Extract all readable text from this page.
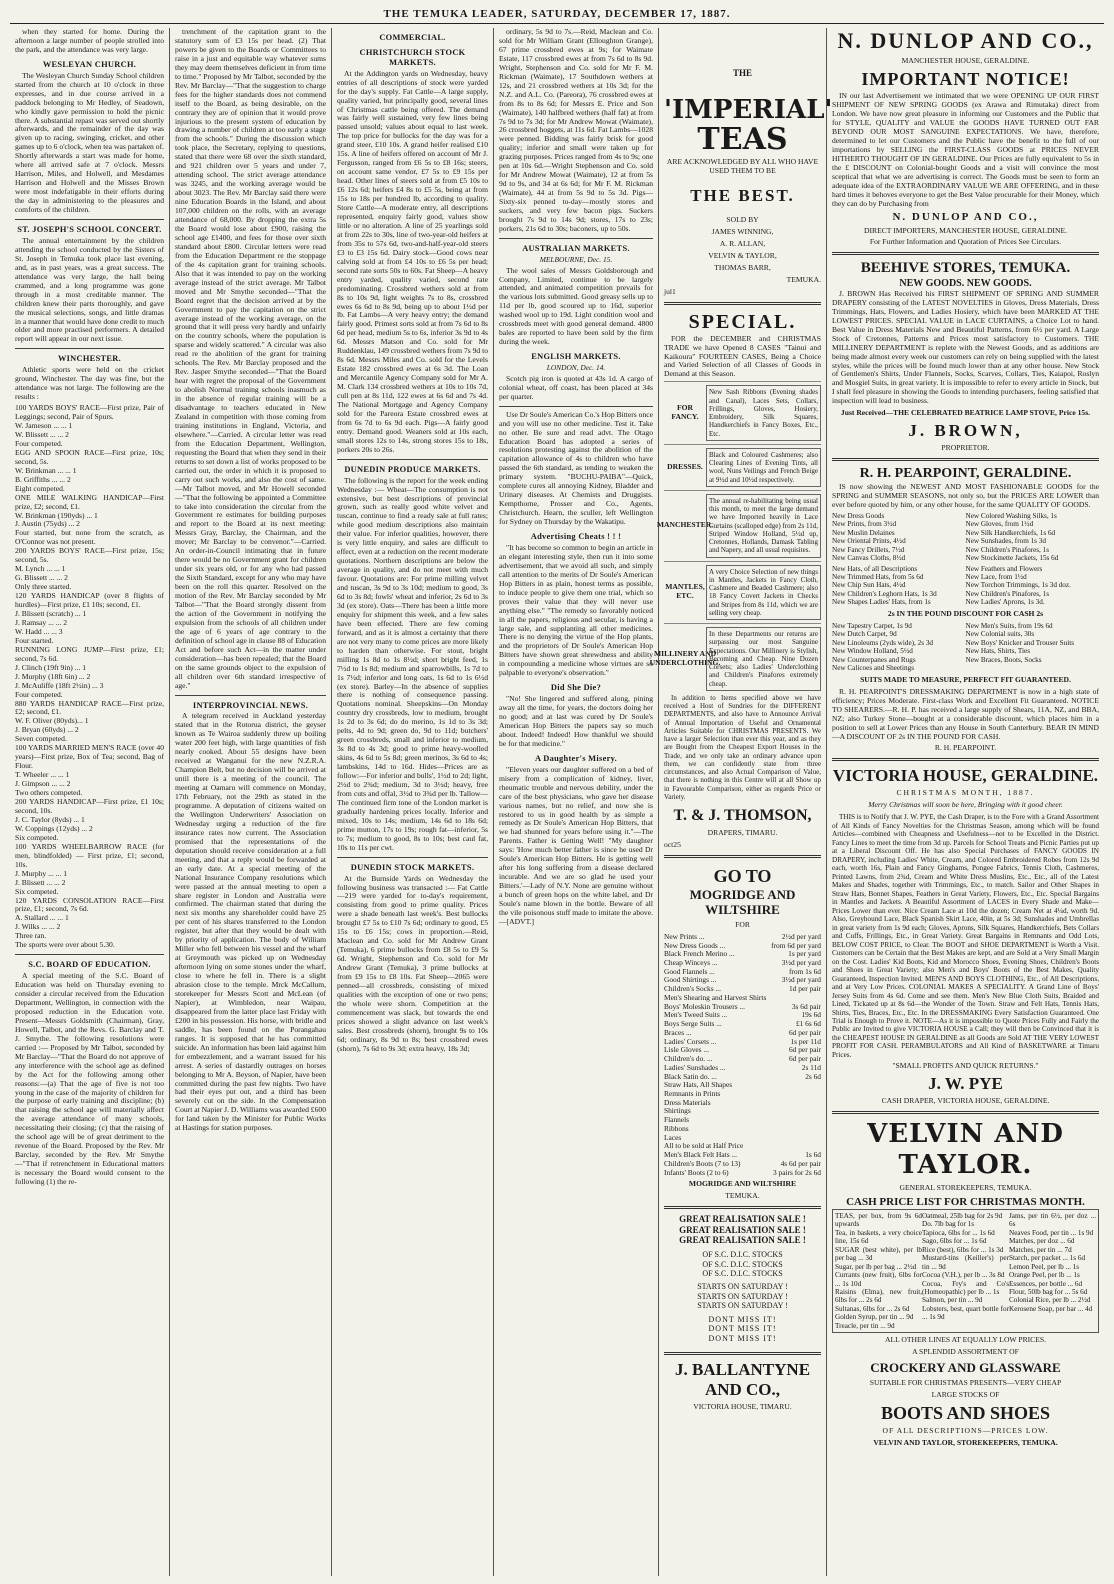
THE TEMUKA LEADER, SATURDAY, DECEMBER 17, 1887.

when they started for home. During the afternoon a large number of people strolled into the park, and the attendance was very large.

WESLEYAN CHURCH.

The Wesleyan Church Sunday School children started from the church at 10 o'clock in three expresses, and in due course arrived in a paddock belonging to Mr Hedley, of Seadown, who kindly gave permission to hold the picnic there. A substantial repast was served out shortly afterwards, and the remainder of the day was given up to racing, swinging, cricket, and other games up to 6 o'clock, when tea was partaken of. Shortly afterwards a start was made for home, where all arrived safe at 7 o'clock. Messrs Harrison, Miles, and Holwell, and Mesdames Harrison and Holwell and the Misses Brown were most indefatigable in their efforts during the day in administering to the pleasures and comforts of the children.

ST. JOSEPH'S SCHOOL CONCERT.

The annual entertainment by the children attending the school conducted by the Sisters of St. Joseph in Temuka took place last evening, and, as in past years, was a great success. The attendance was very large, the hall being crammed, and a long programme was gone through in a most creditable manner. The children knew their parts thoroughly, and gave the musical selections, songs, and little dramas in a manner that would have done credit to much older and more practised performers. A detailed report will appear in our next issue.

WINCHESTER.

Athletic sports were held on the cricket ground, Winchester. The day was fine, but the attendance was not large. The following are the results :

100 YARDS BOYS' RACE—First prize, Pair of Leggings; second, Pair of Spurs.
W. Jameson ... ... 1
W. Blissett ... ... 2
Four competed.
EGG AND SPOON RACE—First prize, 10s; second, 5s.
W. Brinkman ... ... 1
B. Griffiths ... ... 2
Eight competed.
ONE MILE WALKING HANDICAP—First prize, £2; second, £1.
W. Brinkman (190yds) ... 1
J. Austin (75yds) ... 2
Four started, but none from the scratch, as O'Connor was not present.
200 YARDS BOYS' RACE—First prize, 15s; second, 5s.
M. Lynch ... ... 1
G. Blissett ... ... 2
Only three started.
120 YARDS HANDICAP (over 8 flights of hurdles)—First prize, £1 10s; second, £1.
J. Blissett (scratch) ... 1
J. Ramsay ... ... 2
W. Hadd ... ... 3
Four started.
RUNNING LONG JUMP—First prize, £1; second, 7s 6d.
J. Clinch (19ft 9in) ... 1
J. Murphy (18ft 6in) ... 2
J. McAuliffe (18ft 2½in) ... 3
Four competed.
880 YARDS HANDICAP RACE—First prize, £2; second, £1.
W. F. Oliver (80yds)... 1
J. Bryan (60yds) ... 2
Seven competed.
100 YARDS MARRIED MEN'S RACE (over 40 years)—First prize, Box of Tea; second, Bag of Flour.
T. Wheeler ... ... 1
J. Gimpson ... ... 2
Two others competed.
200 YARDS HANDICAP—First prize, £1 10s; second, 10s.
J. C. Taylor (8yds) ... 1
W. Coppings (12yds) ... 2
Six competed.
100 YARDS WHEELBARROW RACE (for men, blindfolded) — First prize, £1; second, 10s.
J. Murphy ... ... 1
J. Blissett ... ... 2
Six competed.
120 YARDS CONSOLATION RACE—First prize, £1; second, 7s 6d.
A. Stallard ... ... 1
J. Wilks ... ... 2
Three ran.
The sports were over about 5.30.
S.C. BOARD OF EDUCATION.

A special meeting of the S.C. Board of Education was held on Thursday evening to consider a circular received from the Education Department, Wellington, in connection with the proposed reduction in the Education vote. Present—Messrs Goldsmith (Chairman), Gray, Howell, Talbot, and the Revs. G. Barclay and T. J. Smythe. The following resolutions were carried :— Proposed by Mr Talbot, seconded by Mr Barclay—"That the Board do not approve of any interference with the school age as defined by the Act for the following among other reasons:—(a) That the age of five is not too young in the case of the majority of children for the purpose of early training and discipline; (b) that raising the school age will materially affect the average attendance of many schools, necessitating their closing; (c) that the raising of the school age will be of great detriment to the revenue of the Board. Proposed by the Rev. Mr Barclay, seconded by the Rev. Mr Smythe—"That if retrenchment in Educational matters is necessary the Board would consent to the following (1) the re-

trenchment of the capitation grant to the statutory sum of £3 15s per head. (2) That powers be given to the Boards or Committees to raise in a just and equitable way whatever sums they may deem themselves deficient in from time to time." Proposed by Mr Talbot, seconded by the Rev. Mr Barclay—"That the suggestion to charge fees for the higher standards does not commend itself to the Board, as being desirable, on the contrary they are of opinion that it would prove injurious to the present system of education by drawing a number of children at too early a stage from the schools." During the discussion which took place, the Secretary, replying to questions, stated that there were 68 over the sixth standard, and 921 children over 5 years and under 7, attending school. The strict average attendance was 3245, and the working average would be about 3023. The Rev. Mr Barclay said there were nine Education Boards in the Island, and about 107,000 children on the rolls, with an average attendance of 68,000. By dropping the extra 5s the Board would lose about £900, raising the school age £1400, and fees for those over sixth standard about £800. Circular letters were read from the Education Department re the stoppage of the 4s capitation grant for training schools. Also that it was intended to pay on the working average instead of the strict average. Mr Talbot moved and Mr Smythe seconded—"That the Board regret that the decision arrived at by the Government to pay the capitation on the strict average instead of the working average, on the ground that it will press very hardly and unfairly on the country schools, where the population is sparse and widely scattered." A circular was also read re the abolition of the grant for training schools. The Rev. Mr Barclay proposed and the Rev. Jasper Smythe seconded—"That the Board hear with regret the proposal of the Government to abolish Normal training schools inasmuch as in the absence of regular training will be a disadvantage to teachers educated in New Zealand in competition with those coming from training institutions in England, Victoria, and elsewhere."—Carried. A circular letter was read from the Education Department, Wellington, requesting the Board that when they send in their returns to set down a list of works proposed to be carried out, the order in which it is proposed to carry out such works, and also the cost of same.—Mr Talbot moved, and Mr Howell seconded—"That the following be appointed a Committee to take into consideration the circular from the Government re estimates for building purposes and report to the Board at its next meeting: Messrs Gray, Barclay, the Chairman, and the mover; Mr Barclay to be convenor."—Carried. An order-in-Council intimating that in future there would be no Government grant for children under six years old, or for any who had passed the Sixth Standard, except for any who may have been on the roll this quarter. Resolved on the motion of the Rev. Mr Barclay seconded by Mr Talbot—"That the Board strongly dissent from the action of the Government in notifying the expulsion from the schools of all children under the age of 6 years of age contrary to the definition of school age in clause 88 of Education Act and before such Act—in the matter under consideration—has been repealed; that the Board on the same grounds object to the expulsion of all children over 6th standard irrespective of age."

INTERPROVINCIAL NEWS.

A telegram received in Auckland yesterday stated that in the Rotorua district, the geyser known as Te Wairoa suddenly threw up boiling water 200 feet high, with large quantities of fish nearly cooked. About 55 designs have been received at Wanganui for the new N.Z.R.A. Champion Belt, but no decision will be arrived at until there is a meeting of the council. The meeting at Oamaru will commence on Monday, 17th February, not the 29th as stated in the programme. A deputation of citizens waited on the Wellington Underwriters' Association on Wednesday urging a reduction of the fire insurance rates now current. The Association promised that the representations of the deputation should receive consideration at a full meeting, and that a reply would be forwarded at an early date. At a special meeting of the National Insurance Company resolutions which were passed at the annual meeting to open a share register in London and Australia were confirmed. The chairman stated that during the next six months any shareholder could have 25 per cent of his shares transferred to the London register, but after that they would be dealt with by priority of application. The body of William Miller who fell between his vessel and the wharf at Greymouth was picked up on Wednesday afternoon lying on some stones under the wharf, close to where he fell in. There is a slight abrasion close to the temple. Mrck McCallum, storekeeper for Messrs Scott and McLean (of Napier), at Wimbledon, near Waipau, disappeared from the latter place last Friday with £200 in his possession. His horse, with bridle and saddle, has been found on the Porangahau ranges. It is supposed that he has committed suicide. An information has been laid against him for embezzlement, and a warrant issued for his arrest. A series of dastardly outrages on horses belonging to Mr A. Beyson, of Napier, have been committed during the past few nights. Two have had their eyes put out, and a third has been severely cut on the side. In the Compensation Court at Napier J. D. Williams was awarded £600 for land taken by the Minister for Public Works at Hastings for station purposes.

COMMERCIAL.
CHRISTCHURCH STOCK MARKETS.

At the Addington yards on Wednesday, heavy entries of all descriptions of stock were yarded for the day's supply. Fat Cattle—A large supply, quality varied, but principally good, several lines of Christmas cattle being offered. The demand was fairly well sustained, very few lines being passed unsold; values about equal to last week. The top price for bullocks for the day was for a grand steer, £10 10s. A grand heifer realised £10 15s. A line of heifers offered on account of Mr J. Fergusson, ranged from £6 5s to £8 16s; steers, on account same vendor, £7 5s to £9 15s per head. Other lines of steers sold at from £5 10s to £6 12s 6d; heifers £4 8s to £5 5s, being at from 15s to 18s per hundred lb, according to quality. Store Cattle—A moderate entry, all descriptions represented, enquiry fairly good, values show little or no alteration. A line of 25 yearlings sold at from 22s to 30s, line of two-year-old heifers at from 35s to 57s 6d, two-and-half-year-old steers £3 to £3 15s 6d. Dairy stock—Good cows near calving sold at from £4 10s to £6 5s per head; second rate sorts 50s to 60s. Fat Sheep—A heavy entry yarded, quality varied, second rate predominating. Crossbred wethers sold at from 8s to 10s 9d, light weights 7s to 8s, crossbred ewes 6s 6d to 8s 9d, being up to about 1½d per lb. Fat Lambs—A very heavy entry; the demand fairly good. Primest sorts sold at from 7s 6d to 8s 6d per head, medium 5s to 6s, inferior 3s 9d to 4s 6d. Messrs Matson and Co. sold for Mr Ruddenklau, 149 crossbred wethers from 7s 9d to 8s 6d. Messrs Miles and Co. sold for the Levels Estate 182 crossbred ewes at 6s 3d. The Loan and Mercantile Agency Company sold for Mr A. M. Clark 134 crossbred wethers at 10s to 10s 7d, cull pen at 8s 11d, 122 ewes at 6s 6d and 7s 4d. The National Mortgage and Agency Company sold for the Pareora Estate crossbred ewes at from 6s 7d to 6s 9d each. Pigs—A fairly good entry. Demand good. Weaners sold at 10s each, small stores 12s to 14s, strong stores 15s to 18s, porkers 20s to 26s.

DUNEDIN PRODUCE MARKETS.

The following is the report for the week ending Wednesday :— Wheat—The consumption is not extensive, but best descriptions of provincial grown, such as really good white velvet and tuscan, continue to find a ready sale at full rates; while good medium descriptions also maintain their value. For inferior qualities, however, there is very little enquiry, and sales are difficult to effect, even at a reduction on the recent moderate quotations. Northern descriptions are below the average in quality, and do not meet with much favour. Quotations are: For prime milling velvet and tuscan, 3s 9d to 3s 10d; medium to good, 3s 6d to 3s 8d; fowls' wheat and inferior, 2s 6d to 3s 3d (ex store). Oats—There has been a little more enquiry for shipment this week, and a few sales have been effected. There are few coming forward, and as it is almost a certainty that there are not very many to come prices are more likely to harden than otherwise. For stout, bright milling 1s 8d to 1s 8½d; short bright feed, 1s 7½d to 1s 8d; medium and sparrowbills, 1s 7d to 1s 7½d; inferior and long oats, 1s 6d to 1s 6½d (ex store). Barley—In the absence of supplies there is nothing of consequence passing. Quotations nominal. Sheepskins—On Monday country dry crossbreds, low to medium, brought 1s 2d to 3s 6d; do do merino, 1s 1d to 3s 3d; pelts, 4d to 9d; green do, 9d to 11d; butchers' green crossbreds, small and inferior to medium, 3s 8d to 4s 3d; good to prime heavy-woolled skins, 4s 6d to 5s 8d; green merinos, 3s 6d to 4s; lambskins, 14d to 16d. Hides—Prices are as follow:—For inferior and bulls', 1½d to 2d; light, 2½d to 2¾d; medium, 3d to 3½d; heavy, free from cuts and offal, 3½d to 3¾d per lb. Tallow—The continued firm tone of the London market is gradually hardening prices locally. Inferior and mixed, 10s to 14s; medium, 14s 6d to 18s 6d; prime mutton, 17s to 19s; rough fat—inferior, 5s to 7s; medium to good, 8s to 10s; best caul fat, 10s to 11s per cwt.

DUNEDIN STOCK MARKETS.

At the Burnside Yards on Wednesday the following business was transacted :— Fat Cattle—219 were yarded for to-day's requirement, consisting from good to prime quality. Prices were a shade beneath last week's. Best bullocks brought £7 5s to £10 7s 6d; ordinary to good, £5 15s to £6 15s; cows in proportion.—Reid, Maclean and Co. sold for Mr Andrew Grant (Temuka), 6 prime bullocks from £8 5s to £9 5s 6d. Wright, Stephenson and Co. sold for Mr Andrew Grant (Temuka), 3 prime bullocks at from £9 15s to £8 10s. Fat Sheep—2065 were penned—all crossbreds, consisting of mixed qualities with the exception of one or two pens; the whole were shorn. Competition at the commencement was slack, but towards the end prices showed a slight advance on last week's sales. Best crossbreds (shorn), brought 9s to 10s 6d; ordinary, 8s 9d to 8s; best crossbred ewes (shorn), 7s 6d to 9s 3d; extra heavy, 18s 3d;

ordinary, 5s 9d to 7s.—Reid, Maclean and Co. sold for Mr William Grant (Elloughton Grange), 67 prime crossbred ewes at 9s; for Waimate Estate, 117 crossbred ewes at from 7s 6d to 8s 9d. Wright, Stephenson and Co. sold for Mr F. M. Rickman (Waimate), 17 Southdown wethers at 12s, and 21 crossbred wethers at 10s 3d; for the N.Z. and A.L. Co. (Pareora), 76 crossbred ewes at from 8s to 8s 6d; for Messrs E. Price and Son (Waimate), 140 halfbred wethers (half fat) at from 7s 9d to 7s 3d; for Mr Andrew Mowat (Waimate), 26 crossbred hoggets, at 11s 6d. Fat Lambs—1028 were penned. Bidding was fairly brisk for good quality; inferior and small were taken up for grazing purposes. Prices ranged from 4s to 9s; one pen at 10s 6d.—Wright Stephenson and Co. sold for Mr Andrew Mowat (Waimate), 12 at from 5s 9d to 9s, and 34 at 6s 6d; for Mr F. M. Rickman (Waimate), 44 at from 5s 9d to 5s 3d. Pigs—Sixty-six penned to-day—mostly stores and suckers, and very few bacon pigs. Suckers brought 7s 9d to 14s 9d; stores, 17s to 23s; porkers, 21s 6d to 30s; baconers, up to 50s.

AUSTRALIAN MARKETS.
MELBOURNE, Dec. 15.

The wool sales of Messrs Goldsborough and Company, Limited, continue to be largely attended, and animated competition prevails for the various lots submitted. Good greasy sells up to 11d per lb, good scoured up to 16d, superior washed wool up to 19d. Light condition wool and crossbreds meet with good general demand. 4800 bales are reported to have been sold by the firm during the week.

ENGLISH MARKETS.
LONDON, Dec. 14.

Scotch pig iron is quoted at 43s 1d. A cargo of colonial wheat, off coast, has been placed at 34s per quarter.

Use Dr Soule's American Co.'s Hop Bitters once and you will use no other medicine. Test it. Take no other. Be sure and read advt. The Otago Education Board has adopted a series of resolutions protesting against the abolition of the capitation allowance of 4s to children who have passed the 6th standard, as tending to weaken the primary system. "BUCHU-PAIBA"—Quick, complete cures all annoying Kidney, Bladder and Urinary diseases. At Chemists and Druggists. Kempthorne, Prosser and Co., Agents, Christchurch. Hearn, the sculler, left Wellington for Sydney on Thursday by the Wakatipu.

Advertising Cheats ! ! !

"It has become so common to begin an article in an elegant interesting style, then run it into some advertisement, that we avoid all such, and simply call attention to the merits of Dr Soule's American Hop Bitters in as plain, honest terms as possible, to induce people to give them one trial, which so proves their value that they will never use anything else." "The remedy so favorably noticed in all the papers, religious and secular, is having a large sale, and supplanting all other medicines. There is no denying the virtue of the Hop plants, and the proprietors of Dr Soule's American Hop Bitters have shown great shrewdness and ability in compounding a medicine whose virtues are so palpable to everyone's observation."

Did She Die?

"No! She lingered and suffered along, pining away all the time, for years, the doctors doing her no good; and at last was cured by Dr Soule's American Hop Bitters the papers say so much about. Indeed! Indeed! How thankful we should be for that medicine."

A Daughter's Misery.

"Eleven years our daughter suffered on a bed of misery from a complication of kidney, liver, rheumatic trouble and nervous debility, under the care of the best physicians, who gave her disease various names, but no relief, and now she is restored to us in good health by as simple a remedy as Dr Soule's American Hop Bitters, that we had shunned for years before using it."—The Parents. Father is Getting Well! "My daughter says: 'How much better father is since he used Dr Soule's American Hop Bitters. He is getting well after his long suffering from a disease declared incurable. And we are so glad he used your Bitters.'—Lady of N.Y. None are genuine without a bunch of green hops on the white label, and Dr Soule's name blown in the bottle. Beware of all the vile poisonous stuff made to imitate the above.—[ADVT.]

THE
'IMPERIAL'
TEAS
ARE ACKNOWLEDGED BY ALL WHO HAVE USED THEM TO BE
THE BEST.
SOLD BY
JAMES WINNING,
A. R. ALLAN,
VELVIN & TAYLOR,
THOMAS BARR,
TEMUKA.
jul1
SPECIAL.

FOR the DECEMBER and CHRISTMAS TRADE we have Opened 8 CASES "Tainui and Kaikoura" FOURTEEN CASES, Being a Choice and Varied Selection of all Classes of Goods in Demand at this Season.

FOR FANCY.
New Sash Ribbons (Evening shades and Canal), Laces Sets, Collars, Frillings, Gloves, Hosiery, Embroidery, Silk Squares, Handkerchiefs in Fancy Boxes, Etc., Etc.
DRESSES.
Black and Coloured Cashmeres; also Clearing Lines of Evening Tints, all wool, Nuns Veilings and French Beige at 9½d and 10½d respectively.
MANCHESTER.
The annual re-habilitating being usual this month, to meet the large demand we have Imported heavily in Lace Curtains (scalloped edge) from 2s 11d, Striped Window Holland, 5½d up, Cretonnes, Hollands, Damask Tabling and Napery, and all usual requisites.
MANTLES, ETC.
A very Choice Selection of new things in Mantles, Jackets in Fancy Cloth, Cashmere and Beaded Cashmere; also 18 Fancy Covert Jackets in Checks and Stripes from 8s 11d, which we are selling very cheap.
MILLINERY AND UNDERCLOTHING.
In these Departments our returns are surpassing our most Sanguine Expectations. Our Millinery is Stylish, Becoming and Cheap. Nine Dozen Corsets; also Ladies' Underclothing and Children's Pinafores extremely cheap.

In addition to Items specified above we have received a Host of Sundries for the DIFFERENT DEPARTMENTS, and also have to Announce Arrival of Annual Importation of Useful and Ornamental Articles Suitable for CHRISTMAS PRESENTS. We have a larger Selection than ever this year, and as they are Bought from the Cheapest Export Houses in the Trade, and we only take an ordinary advance upon them, we can confidently state from three circumstances, and also Actual Comparison of Value, that there is nothing in this Centre will at all Show up in Favourable Comparison, either as regards Price or Variety.

T. & J. THOMSON,
DRAPERS, TIMARU.
oct25
GO TO
MOGRIDGE AND WILTSHIRE
FOR
New Prints ...	2½d per yard
New Dress Goods ...	from 6d per yard
Black French Merino ...	1s per yard
Cheap Winceys ...	3½d per yard
Good Flannels ...	from 1s 6d
Good Shirtings ...	3½d per yard
Children's Socks ...	1d per pair
Men's Shearing and Harvest Shirts
Boys' Moleskin Trousers ...	3s 6d pair
Men's Tweed Suits ...	19s 6d
Boys Serge Suits ...	£1 6s 6d
Braces ...	6d per pair
Ladies' Corsets ...	1s per 11d
Lisle Gloves ...	6d per pair
Children's do. ...	6d per pair
Ladies' Sunshades ...	2s 11d
Black Satin do. ...	2s 6d
Straw Hats, All Shapes
Remnants in Prints
Dress Materials
Shirtings
Flannels
Ribbons
Laces
All to be sold at Half Price
Men's Black Felt Hats ...	1s 6d
Children's Boots (7 to 13)	4s 6d per pair
Infants' Boots (2 to 6)	3 pairs for 2s 6d
MOGRIDGE AND WILTSHIRE
TEMUKA.
GREAT REALISATION SALE !
GREAT REALISATION SALE !
GREAT REALISATION SALE !
OF S.C. D.I.C. STOCKS
OF S.C. D.I.C. STOCKS
OF S.C. D.I.C. STOCKS
STARTS ON SATURDAY !
STARTS ON SATURDAY !
STARTS ON SATURDAY !
DONT MISS IT!
DONT MISS IT!
DONT MISS IT!
J. BALLANTYNE AND CO.,
VICTORIA HOUSE, TIMARU.
N. DUNLOP AND CO.,
MANCHESTER HOUSE, GERALDINE.
IMPORTANT NOTICE!

IN our last Advertisement we intimated that we were OPENING UP OUR FIRST SHIPMENT OF NEW SPRING GOODS (ex Arawa and Rimutaka) direct from London. We have now great pleasure in informing our Customers and the Public that for STYLE, QUALITY and VALUE the GOODS HAVE TURNED OUT FAR BEYOND OUR MOST SANGUINE EXPECTATIONS. We have, therefore, determined to let our Customers and the Public have the benefit to the full of our importations by SELLING the FIRST-CLASS GOODS at PRICES NEVER HITHERTO THOUGHT OF IN GERALDINE. Our Prices are fully equivalent to 5s in the £ DISCOUNT on Colonial-bought Goods and a visit will convince the most sceptical that what we are advertising is correct. The Goods must be seen to form an adequate idea of the EXTRAORDINARY VALUE WE ARE OFFERING, and in these hard times it behoves everyone to get the Best Value procurable for their Money, which they can do by Purchasing from

N. DUNLOP AND CO.,
DIRECT IMPORTERS, MANCHESTER HOUSE, GERALDINE.
For Further Information and Quotation of Prices See Circulars.
BEEHIVE STORES, TEMUKA.
NEW GOODS. NEW GOODS.

J. BROWN Has Received his FIRST SHIPMENT OF SPRING AND SUMMER DRAPERY consisting of the LATEST NOVELTIES in Gloves, Dress Materials, Dress Trimmings, Hats, Flowers, and Ladies Hosiery, which have been MARKED AT THE LOWEST PRICES. SPECIAL VALUE in LACE CURTAINS, a Choice Lot to hand. Best Value in Dress Materials New and Beautiful Patterns, from 6½ per yard. A Large Stock of Cretonnes, Patterns and Prices most satisfactory to Customers. THE MILLINERY DEPARTMENT is replete with the Newest Goods, and as additions are being made almost every week our customers can rely on being supplied with the latest styles, while the prices will be found much lower than at any other house. New Stock of Gentlemen's Shirts, Under Flannels, Socks, Scarves, Collars, Ties, Kaiapoi, Roslyn and Mosgiel Suits, in great variety. It is impossible to refer to every article in Stock, but I shall feel pleasure in showing the Goods to intending purchasers, feeling satisfied that inspection will lead to business.

Just Received—THE CELEBRATED BEATRICE LAMP STOVE, Price 15s.
J. BROWN,
PROPRIETOR.
R. H. PEARPOINT, GERALDINE.

IS now showing the NEWEST AND MOST FASHIONABLE GOODS for the SPRING and SUMMER SEASONS, not only so, but the PRICES ARE LOWER than ever before quoted by him, or any other house, for the same QUALITY OF GOODS.

New Dress Goods
New Prints, from 3½d
New Muslin Delaines
New Oriental Prints, 4½d
New Fancy Drillets, 7½d
New Canvas Cloths, 8½d
New Colored Washing Silks, 1s
New Gloves, from 1½d
New Silk Handkerchiefs, 1s 6d
New Sunshades, from 1s 3d
New Children's Pinafores, 1s
New Stockinette Jackets, 15s 6d
New Hats, of all Descriptions
New Trimmed Hats, from 5s 6d
New Chip Sun Hats, 4½d
New Children's Leghorn Hats, 1s 3d
New Shapes Ladies' Hats, from 1s
New Feathers and Flowers
New Lace, from 1½d
New Torchon Trimmings, 1s 3d doz.
New Children's Pinafores, 1s
New Ladies' Aprons, 1s 3d.
2s IN THE POUND DISCOUNT FOR CASH 2s
New Tapestry Carpet, 1s 9d
New Dutch Carpet, 9d
New Linoleums (2yds wide), 2s 3d
New Window Holland, 5½d
New Counterpanes and Rugs
New Calicoes and Sheetings
New Men's Suits, from 19s 6d
New Colonial suits, 30s
New Boys' Knicker and Trouser Suits
New Hats, Shirts, Ties
New Braces, Boots, Socks
SUITS MADE TO MEASURE, PERFECT FIT GUARANTEED.

R. H. PEARPOINT'S DRESSMAKING DEPARTMENT is now in a high state of efficiency; Prices Moderate. First-class Work and Excellent Fit Guaranteed. NOTICE TO SHEARERS.—R. H. P. has received a large supply of Shears, 11A, NZ, and BBA, NZ; also Turkey Stone—bought at a considerable discount, which places him in a position to sell at Lower Prices than any House in South Canterbury. BEAR IN MIND—A DISCOUNT OF 2s IN THE POUND FOR CASH.

R. H. PEARPOINT.
VICTORIA HOUSE, GERALDINE.
CHRISTMAS MONTH, 1887.
Merry Christmas will soon be here, Bringing with it good cheer.

THIS is to Notify that J. W. PYE, the Cash Draper, is to the Fore with a Grand Assortment of All Kinds of Fancy Novelties for the Christmas Season, among which will be found Articles—combined with Cheapness and Usefulness—not to be Excelled in the District. Fancy Lines to meet the time from 3d up. Parcels for School Treats and Picnic Parties put up at a Liberal Discount Off. He has also Special Purchases of FANCY GOODS IN DRAPERY, including Ladies' White, Cream, and Colored Embroidered Robes from 12s 9d each, worth 16s, Plain and Fancy Ginghams, Pongee Fabrics, Tennis Cloth, Cashmeres, Printed Lawns, from 2¾d, Cream and White Dress Muslins, Etc., Etc., all of the Latest Makes and Shades, together with Trimmings, Etc., to match. Sailor and Other Shapes in Straw Hats, Bonnet Shapes, Feathers in Great Variety, Flowers, Etc., Etc. Special Bargains in Mantles and Jackets. A Beautiful Assortment of LACES in Every Shade and Make—Prices Lower than ever. Nice Cream Lace at 10d the dozen; Cream Net at 4¼d, worth 9d. Also, Greyhound Lace, Black Spanish Skirt Lace, 40in, at 5s 3d; Sunshades and Umbrellas in great variety from 1s 9d each; Gloves, Aprons, Silk Squares, Handkerchiefs, Bets Collars and Cuffs, Frillings, Etc., in Great Variety. Great Bargains in Remnants and Odd Lots, BELOW COST PRICE, to Clear. The BOOT and SHOE DEPARTMENT is Worth a Visit. Customers can be Certain that the Best Makes are kept, and are Sold at a Very Small Margin on the Cost. Ladies' Kid Boots, Kid and Morocco Shoes, Evening Shoes, Children's Boots and Shoes in Great Variety; also Men's and Boys' Boots of the Best Makes, Quality Guaranteed, Inspection Invited. MEN'S AND BOYS CLOTHING, Etc., of All Descriptions, and at Very Low Prices. COLONIAL MAKES A SPECIALITY. A Grand Line of Boys' Jersey Suits from 4s 6d. Come and see them. Men's New Blue Cloth Suits, Braided and Lined, Tickated up at 8s 6d—the Wonder of the Town. Straw and Felt Hats, Tennis Hats, Shirts, Ties, Braces, Etc., Etc. In the DRESSMAKING Every Satisfaction Guaranteed. One Trial is Enough to Prove it. NOTE—As it is impossible to Quote Prices Fully and Fairly the Public are Invited to give VICTORIA HOUSE a Call; they will then be Convinced that it is the CHEAPEST HOUSE IN GERALDINE as all Goods are Sold AT THE VERY LOWEST PROFIT FOR CASH. PERAMBULATORS and All Kind of BASKETWARE at Timaru Prices.

"SMALL PROFITS AND QUICK RETURNS."
J. W. PYE
CASH DRAPER, VICTORIA HOUSE, GERALDINE.
VELVIN AND TAYLOR.
GENERAL STOREKEEPERS, TEMUKA.
CASH PRICE LIST FOR CHRISTMAS MONTH.
TEAS, per box, from 9s 6d upwards
Tea, in baskets, a very choice line, 15s 6d
SUGAR (best white), per lb per bag ... 3d
Sugar, per lb per bag ... 2½d
Currants (new fruit), 6lbs for ... 1s 10d
Raisins (Elma), new fruit, 6lbs for ... 2s 6d
Sultanas, 6lbs for ... 2s 6d
Golden Syrup, per tin ... 9d
Treacle, per tin ... 9d
Oatmeal, 25lb bag for 2s 9d
Do. 7lb bag for 1s
Tapioca, 6lbs for ... 1s 6d
Sago, 6lbs for ... 1s 6d
Rice (best), 6lbs for ... 1s 3d
Mustard-tins (Keiller's) per tin ... 9d
Cocoa (V.H.), per lb ... 3s 8d
Cocoa, Fry's and Co's (Homeopathic) per lb ... 1s
Salmon, per tin ... 9d
Lobsters, best, quart bottle for ... 1s 9d
Jams, per tin 6½, per doz ... 6s
Neaves Food, per tin ... 1s 9d
Matches, per doz ... 6d
Matches, per tin ... 7d
Starch, per packet ... 1s 6d
Lemon Peel, per lb ... 1s
Orange Peel, per lb ... 1s
Essences, per bottle ... 6d
Flour, 50lb bag for ... 5s 6d
Colonial Rice, per lb ... 2½d
Kerosene Soap, per bar ... 4d
ALL OTHER LINES AT EQUALLY LOW PRICES.
A SPLENDID ASSORTMENT OF
CROCKERY AND GLASSWARE
SUITABLE FOR CHRISTMAS PRESENTS—VERY CHEAP
LARGE STOCKS OF
BOOTS AND SHOES
OF ALL DESCRIPTIONS—PRICES LOW.
VELVIN AND TAYLOR, STOREKEEPERS, TEMUKA.
